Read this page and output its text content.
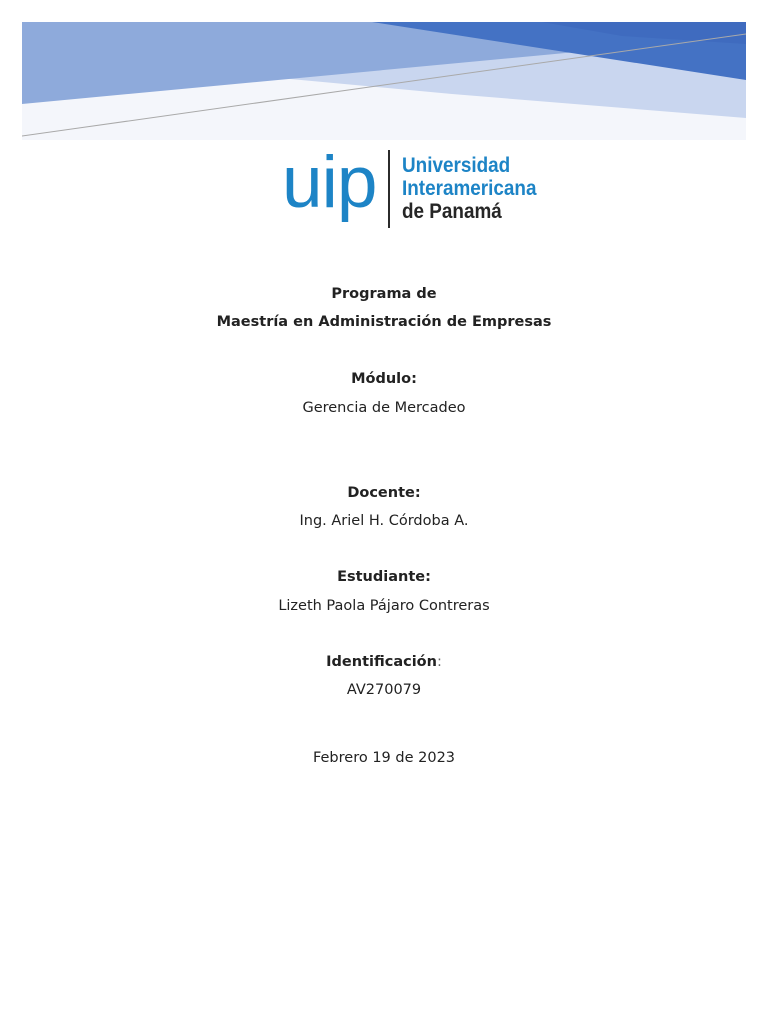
uip Universidad
Interamericana
de Panamá
Programa de
Maestría en Administración de Empresas
Módulo:
Gerencia de Mercadeo
Docente:
Ing. Ariel H. Córdoba A.
Estudiante:
Lizeth Paola Pájaro Contreras
Identificación:
AV270079
Febrero 19 de 2023
